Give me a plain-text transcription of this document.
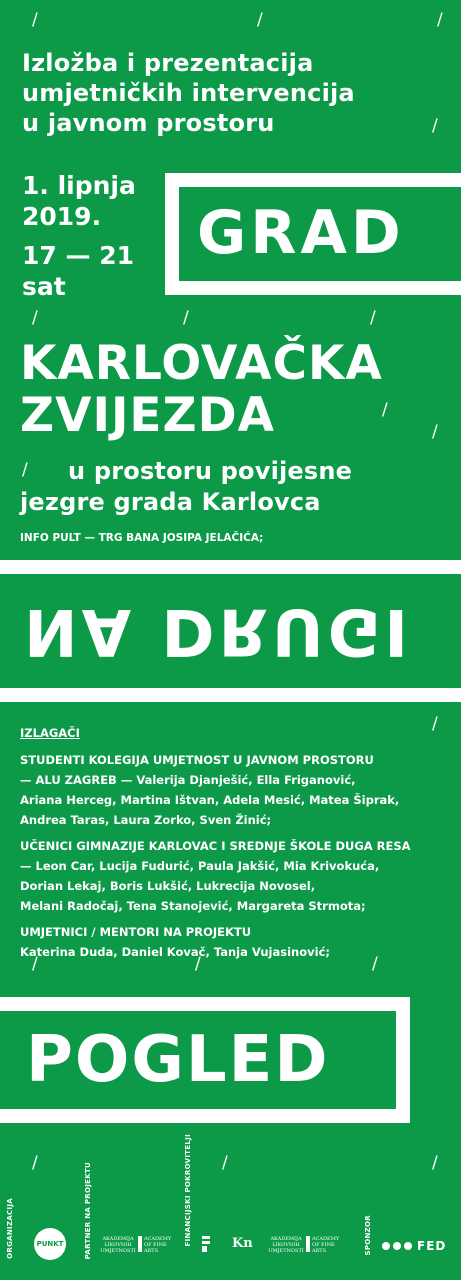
/	/	/
/
/	/	/
/
/
/
/
/	/	/
/	/	/
Izložba i prezentacija
umjetničkih intervencija
u javnom prostoru
1. lipnja
2019.
17 — 21
sat
GRAD
KARLOVAČKA
ZVIJEZDA
u prostoru povijesne
jezgre grada Karlovca
INFO PULT — TRG BANA JOSIPA JELAČIĆA;
NA DRUGI
IZLAGAČI
STUDENTI KOLEGIJA UMJETNOST U JAVNOM PROSTORU
— ALU ZAGREB — Valerija Djanješić, Ella Friganović,
Ariana Herceg, Martina Ištvan, Adela Mesić, Matea Šiprak,
Andrea Taras, Laura Zorko, Sven Žinić;
UČENICI GIMNAZIJE KARLOVAC I SREDNJE ŠKOLE DUGA RESA
— Leon Car, Lucija Fudurić, Paula Jakšić, Mia Krivokuća,
Dorian Lekaj, Boris Lukšić, Lukrecija Novosel,
Melani Radočaj, Tena Stanojević, Margareta Strmota;
UMJETNICI / MENTORI NA PROJEKTU
Katerina Duda, Daniel Kovač, Tanja Vujasinović;
POGLED
ORGANIZACIJA	PUNKT	PARTNER NA PROJEKTU	AKADEMIJA LIKOVNIH UMJETNOSTI
ACADEMY OF FINE ARTS
FINANCIJSKI POKROVITELJI	Kn	AKADEMIJA LIKOVNIH UMJETNOSTI
ACADEMY OF FINE ARTS	SPONZOR	FED
